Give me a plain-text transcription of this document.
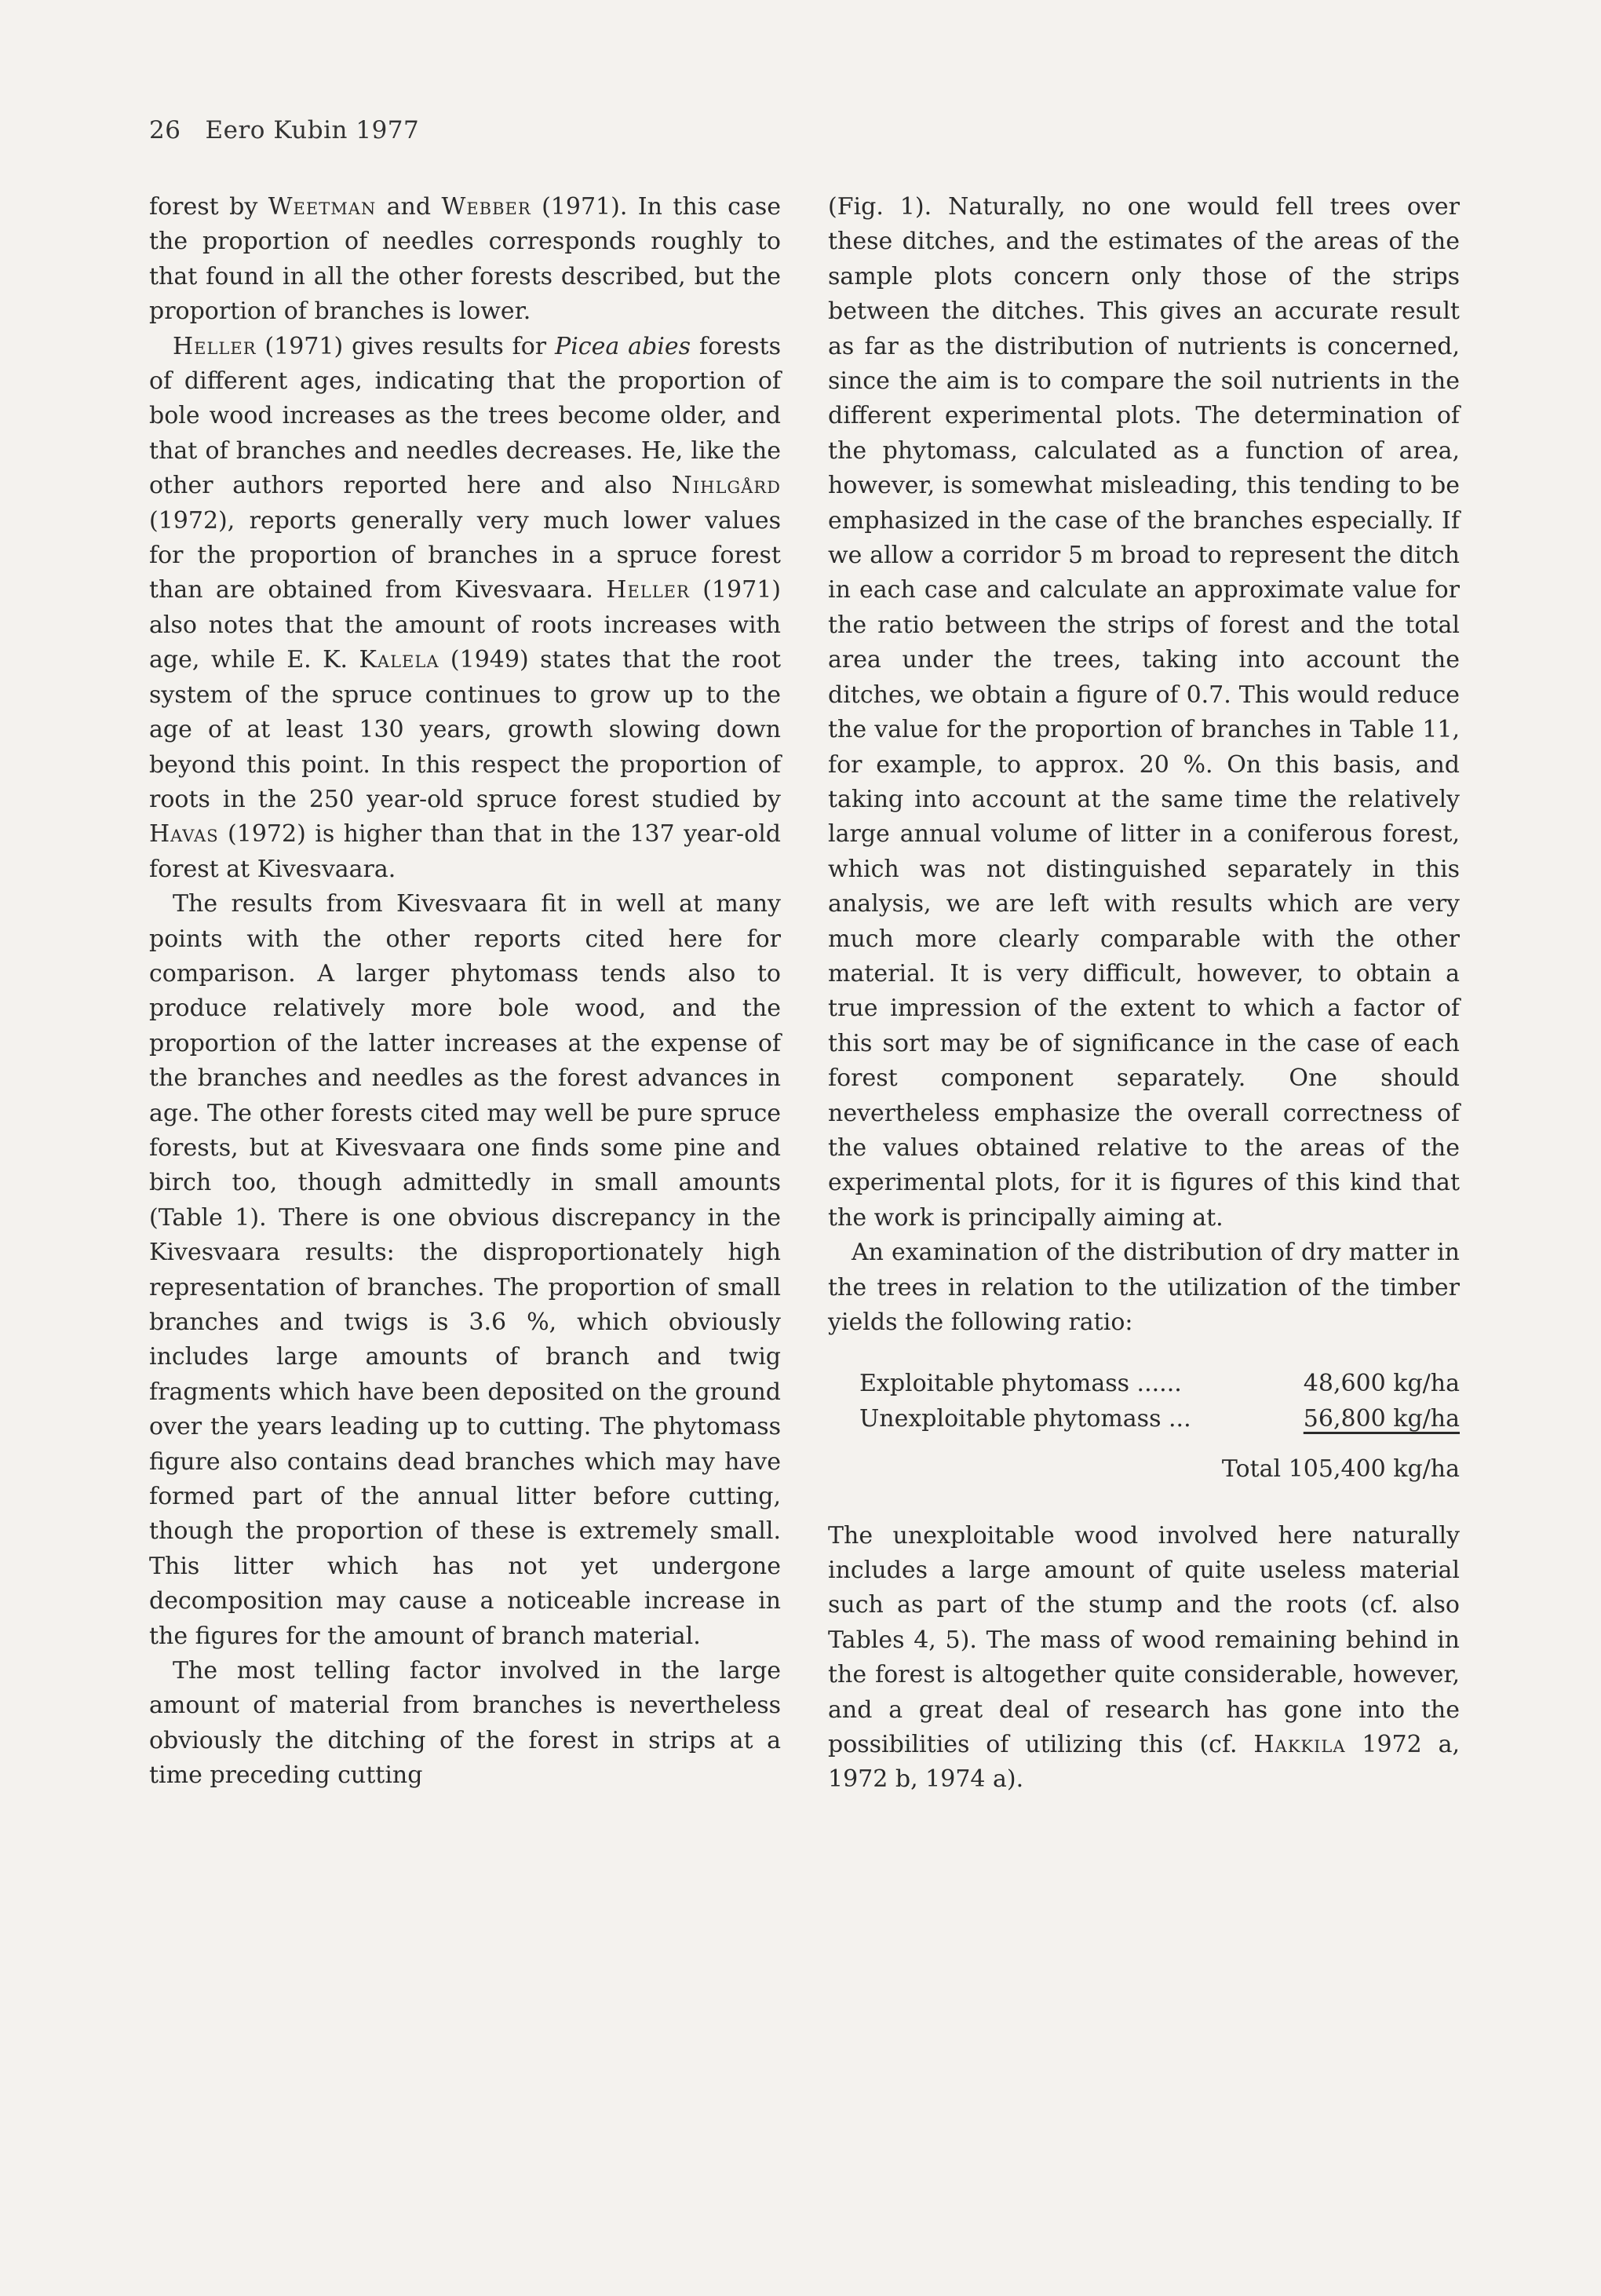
26 Eero Kubin 1977

forest by Weetman and Webber (1971). In this case the proportion of needles corresponds roughly to that found in all the other forests described, but the proportion of branches is lower.

Heller (1971) gives results for Picea abies forests of different ages, indicating that the proportion of bole wood increases as the trees become older, and that of branches and needles decreases. He, like the other authors reported here and also Nihlgård (1972), reports generally very much lower values for the proportion of branches in a spruce forest than are obtained from Kivesvaara. Heller (1971) also notes that the amount of roots increases with age, while E. K. Kalela (1949) states that the root system of the spruce continues to grow up to the age of at least 130 years, growth slowing down beyond this point. In this respect the proportion of roots in the 250 year-old spruce forest studied by Havas (1972) is higher than that in the 137 year-old forest at Kivesvaara.

The results from Kivesvaara fit in well at many points with the other reports cited here for comparison. A larger phytomass tends also to produce relatively more bole wood, and the proportion of the latter increases at the expense of the branches and needles as the forest advances in age. The other forests cited may well be pure spruce forests, but at Kivesvaara one finds some pine and birch too, though admittedly in small amounts (Table 1). There is one obvious discrepancy in the Kivesvaara results: the disproportionately high representation of branches. The proportion of small branches and twigs is 3.6 %, which obviously includes large amounts of branch and twig fragments which have been deposited on the ground over the years leading up to cutting. The phytomass figure also contains dead branches which may have formed part of the annual litter before cutting, though the proportion of these is extremely small. This litter which has not yet undergone decomposition may cause a noticeable increase in the figures for the amount of branch material.

The most telling factor involved in the large amount of material from branches is nevertheless obviously the ditching of the forest in strips at a time preceding cutting

(Fig. 1). Naturally, no one would fell trees over these ditches, and the estimates of the areas of the sample plots concern only those of the strips between the ditches. This gives an accurate result as far as the distribution of nutrients is concerned, since the aim is to compare the soil nutrients in the different experimental plots. The determination of the phytomass, calculated as a function of area, however, is somewhat misleading, this tending to be emphasized in the case of the branches especially. If we allow a corridor 5 m broad to represent the ditch in each case and calculate an approximate value for the ratio between the strips of forest and the total area under the trees, taking into account the ditches, we obtain a figure of 0.7. This would reduce the value for the proportion of branches in Table 11, for example, to approx. 20 %. On this basis, and taking into account at the same time the relatively large annual volume of litter in a coniferous forest, which was not distinguished separately in this analysis, we are left with results which are very much more clearly comparable with the other material. It is very difficult, however, to obtain a true impression of the extent to which a factor of this sort may be of significance in the case of each forest component separately. One should nevertheless emphasize the overall correctness of the values obtained relative to the areas of the experimental plots, for it is figures of this kind that the work is principally aiming at.

An examination of the distribution of dry matter in the trees in relation to the utilization of the timber yields the following ratio:

Exploitable phytomass ......	48,600 kg/ha
Unexploitable phytomass ...	56,800 kg/ha
Total
105,400 kg/ha

The unexploitable wood involved here naturally includes a large amount of quite useless material such as part of the stump and the roots (cf. also Tables 4, 5). The mass of wood remaining behind in the forest is altogether quite considerable, however, and a great deal of research has gone into the possibilities of utilizing this (cf. Hakkila 1972 a, 1972 b, 1974 a).
